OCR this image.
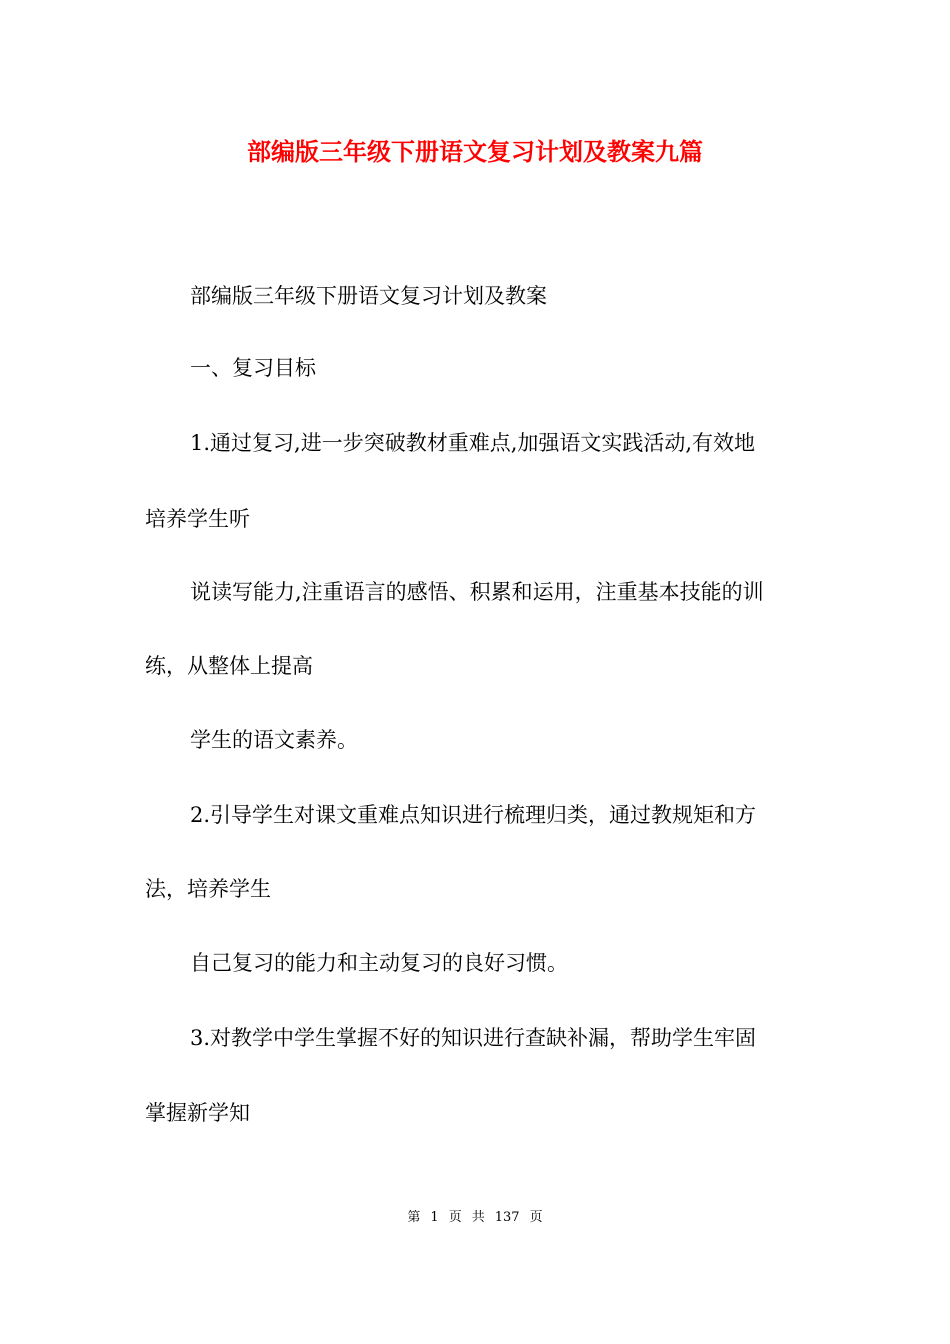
部编版三年级下册语文复习计划及教案九篇
部编版三年级下册语文复习计划及教案
一、复习目标
1.通过复习,进一步突破教材重难点,加强语文实践活动,有效地
培养学生听
说读写能力,注重语言的感悟、积累和运用，注重基本技能的训
练，从整体上提高
学生的语文素养。
2.引导学生对课文重难点知识进行梳理归类，通过教规矩和方
法，培养学生
自己复习的能力和主动复习的良好习惯。
3.对教学中学生掌握不好的知识进行查缺补漏，帮助学生牢固
掌握新学知
第 1 页 共 137 页
